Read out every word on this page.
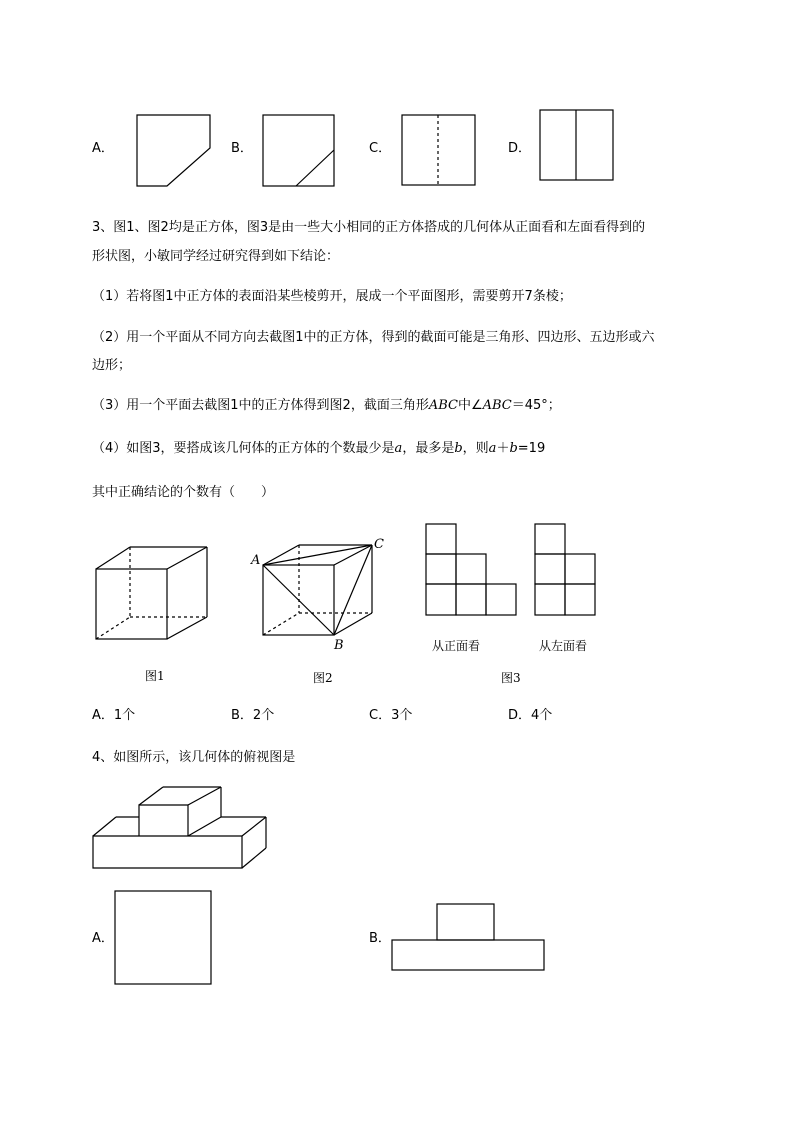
A．	B．	C．	D．
3、图1、图2均是正方体，图3是由一些大小相同的正方体搭成的几何体从正面看和左面看得到的
形状图，小敏同学经过研究得到如下结论：
（1）若将图1中正方体的表面沿某些棱剪开，展成一个平面图形，需要剪开7条棱；
（2）用一个平面从不同方向去截图1中的正方体，得到的截面可能是三角形、四边形、五边形或六
边形；
（3）用一个平面去截图1中的正方体得到图2，截面三角形ABC中∠ABC＝45°；
（4）如图3，要搭成该几何体的正方体的个数最少是a，最多是b，则a＋b=19
其中正确结论的个数有（　　）
图1
A
B
C
图2
从正面看	从左面看
图3
A．1个	B．2个	C．3个	D．4个
4、如图所示，该几何体的俯视图是
A．	B．
